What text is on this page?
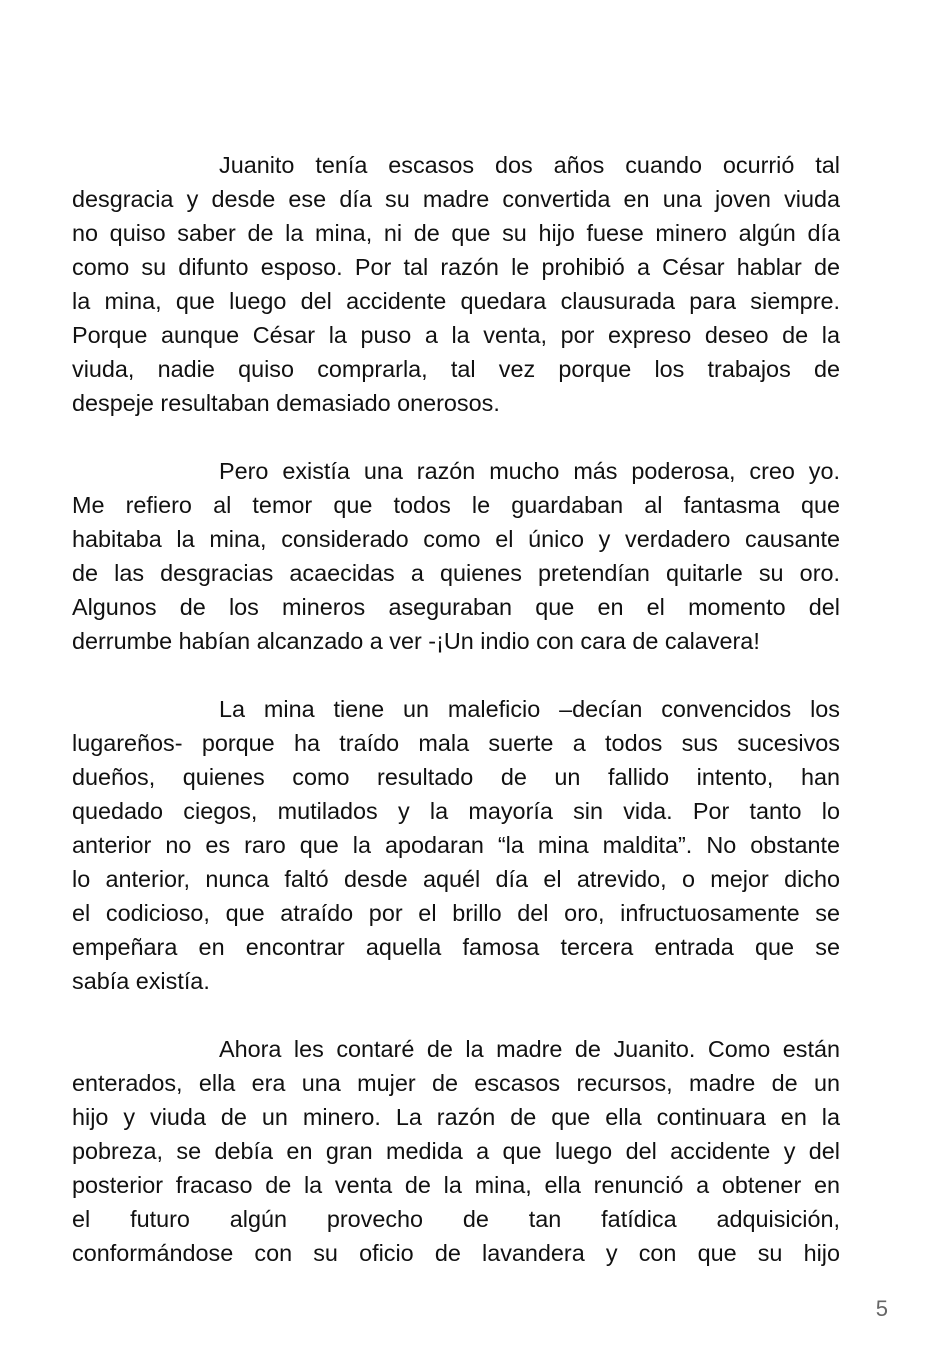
Juanito tenía escasos dos años cuando ocurrió tal
desgracia y desde ese día su madre convertida en una joven viuda
no quiso saber de la mina, ni de que su hijo fuese minero algún día
como su difunto esposo. Por tal razón le prohibió a César hablar de
la mina, que luego del accidente quedara clausurada para siempre.
Porque aunque César la puso a la venta, por expreso deseo de la
viuda, nadie quiso comprarla, tal vez porque los trabajos de
despeje resultaban demasiado onerosos.

Pero existía una razón mucho más poderosa, creo yo.
Me refiero al temor que todos le guardaban al fantasma que
habitaba la mina, considerado como el único y verdadero causante
de las desgracias acaecidas a quienes pretendían quitarle su oro.
Algunos de los mineros aseguraban que en el momento del
derrumbe habían alcanzado a ver -¡Un indio con cara de calavera!

La mina tiene un maleficio –decían convencidos los
lugareños- porque ha traído mala suerte a todos sus sucesivos
dueños, quienes como resultado de un fallido intento, han
quedado ciegos, mutilados y la mayoría sin vida. Por tanto lo
anterior no es raro que la apodaran “la mina maldita”. No obstante
lo anterior, nunca faltó desde aquél día el atrevido, o mejor dicho
el codicioso, que atraído por el brillo del oro, infructuosamente se
empeñara en encontrar aquella famosa tercera entrada que se
sabía existía.

Ahora les contaré de la madre de Juanito. Como están
enterados, ella era una mujer de escasos recursos, madre de un
hijo y viuda de un minero. La razón de que ella continuara en la
pobreza, se debía en gran medida a que luego del accidente y del
posterior fracaso de la venta de la mina, ella renunció a obtener en
el futuro algún provecho de tan fatídica adquisición,
conformándose con su oficio de lavandera y con que su hijo

5
